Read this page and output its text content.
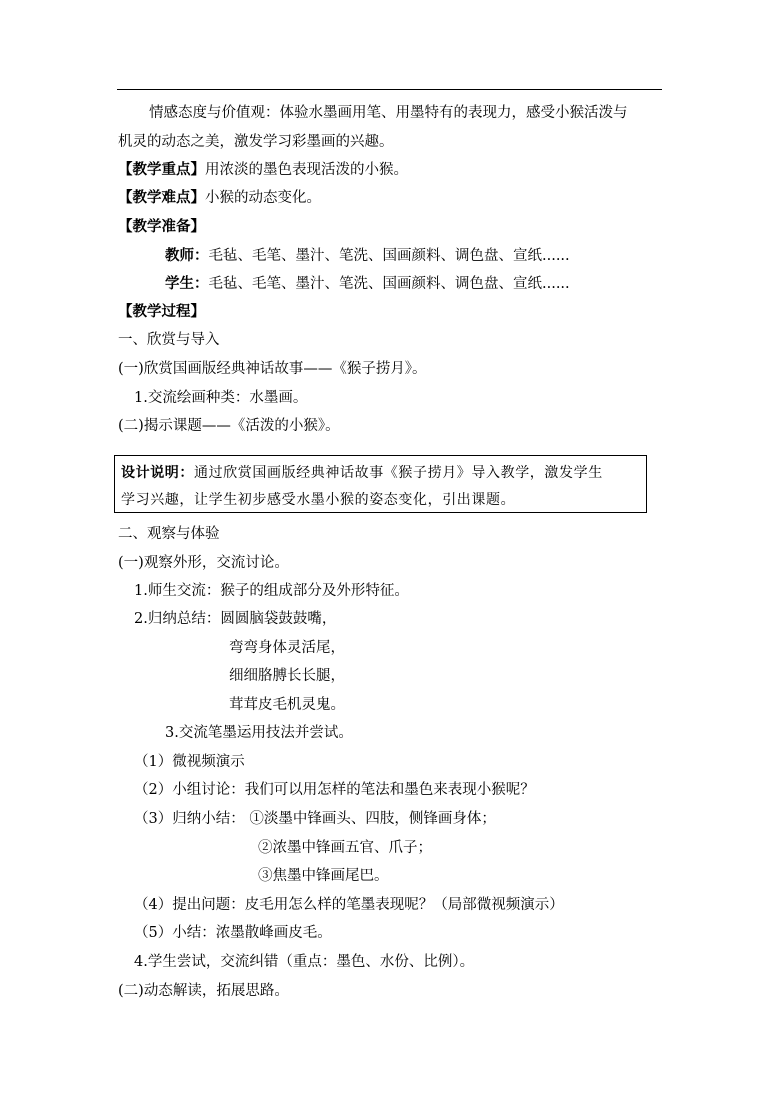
情感态度与价值观：体验水墨画用笔、用墨特有的表现力，感受小猴活泼与
机灵的动态之美，激发学习彩墨画的兴趣。
【教学重点】用浓淡的墨色表现活泼的小猴。
【教学难点】小猴的动态变化。
【教学准备】
教师：毛毡、毛笔、墨汁、笔洗、国画颜料、调色盘、宣纸......
学生：毛毡、毛笔、墨汁、笔洗、国画颜料、调色盘、宣纸......
【教学过程】
一、欣赏与导入
(一)欣赏国画版经典神话故事——《猴子捞月》。
1.交流绘画种类：水墨画。
(二)揭示课题——《活泼的小猴》。
设计说明：通过欣赏国画版经典神话故事《猴子捞月》导入教学，激发学生
学习兴趣，让学生初步感受水墨小猴的姿态变化，引出课题。
二、观察与体验
(一)观察外形，交流讨论。
1.师生交流：猴子的组成部分及外形特征。
2.归纳总结：圆圆脑袋鼓鼓嘴，
弯弯身体灵活尾，
细细胳膊长长腿，
茸茸皮毛机灵鬼。
3.交流笔墨运用技法并尝试。
（1）微视频演示
（2）小组讨论：我们可以用怎样的笔法和墨色来表现小猴呢？
（3）归纳小结： ①淡墨中锋画头、四肢，侧锋画身体；
②浓墨中锋画五官、爪子；
③焦墨中锋画尾巴。
（4）提出问题：皮毛用怎么样的笔墨表现呢？（局部微视频演示）
（5）小结：浓墨散峰画皮毛。
4.学生尝试，交流纠错（重点：墨色、水份、比例）。
(二)动态解读，拓展思路。
